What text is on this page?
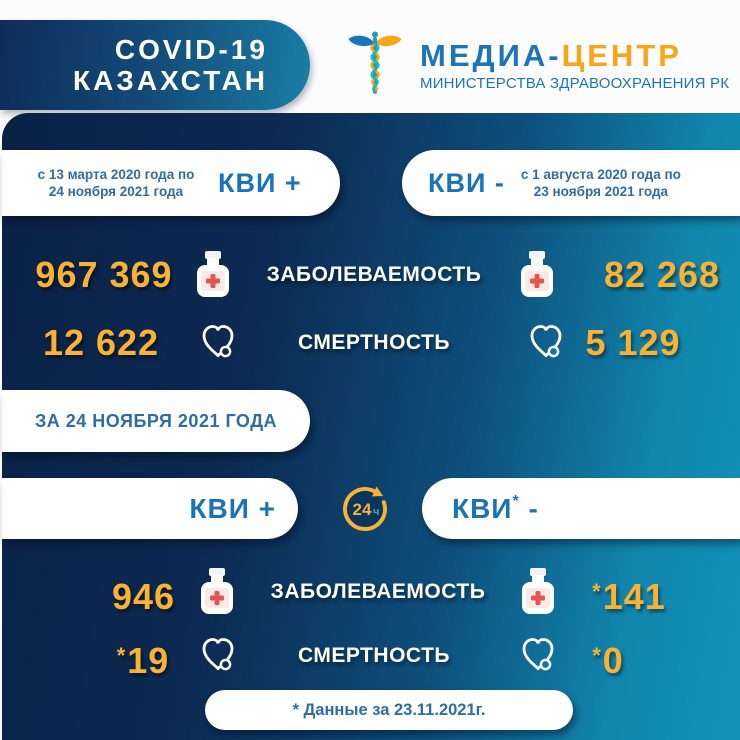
COVID-19
КАЗАХСТАН
МЕДИА-ЦЕНТР
МИНИСТЕРСТВА ЗДРАВООХРАНЕНИЯ РК
с 13 марта 2020 года по
24 ноября 2021 года	КВИ +	КВИ -	с 1 августа 2020 года по
23 ноября 2021 года
967 369	ЗАБОЛЕВАЕМОСТЬ	82 268
12 622	СМЕРТНОСТЬ	5 129
ЗА 24 НОЯБРЯ 2021 ГОДА
КВИ +	24 ч	КВИ* -
946	ЗАБОЛЕВАЕМОСТЬ	*141
*19	СМЕРТНОСТЬ	*0
* Данные за 23.11.2021г.
